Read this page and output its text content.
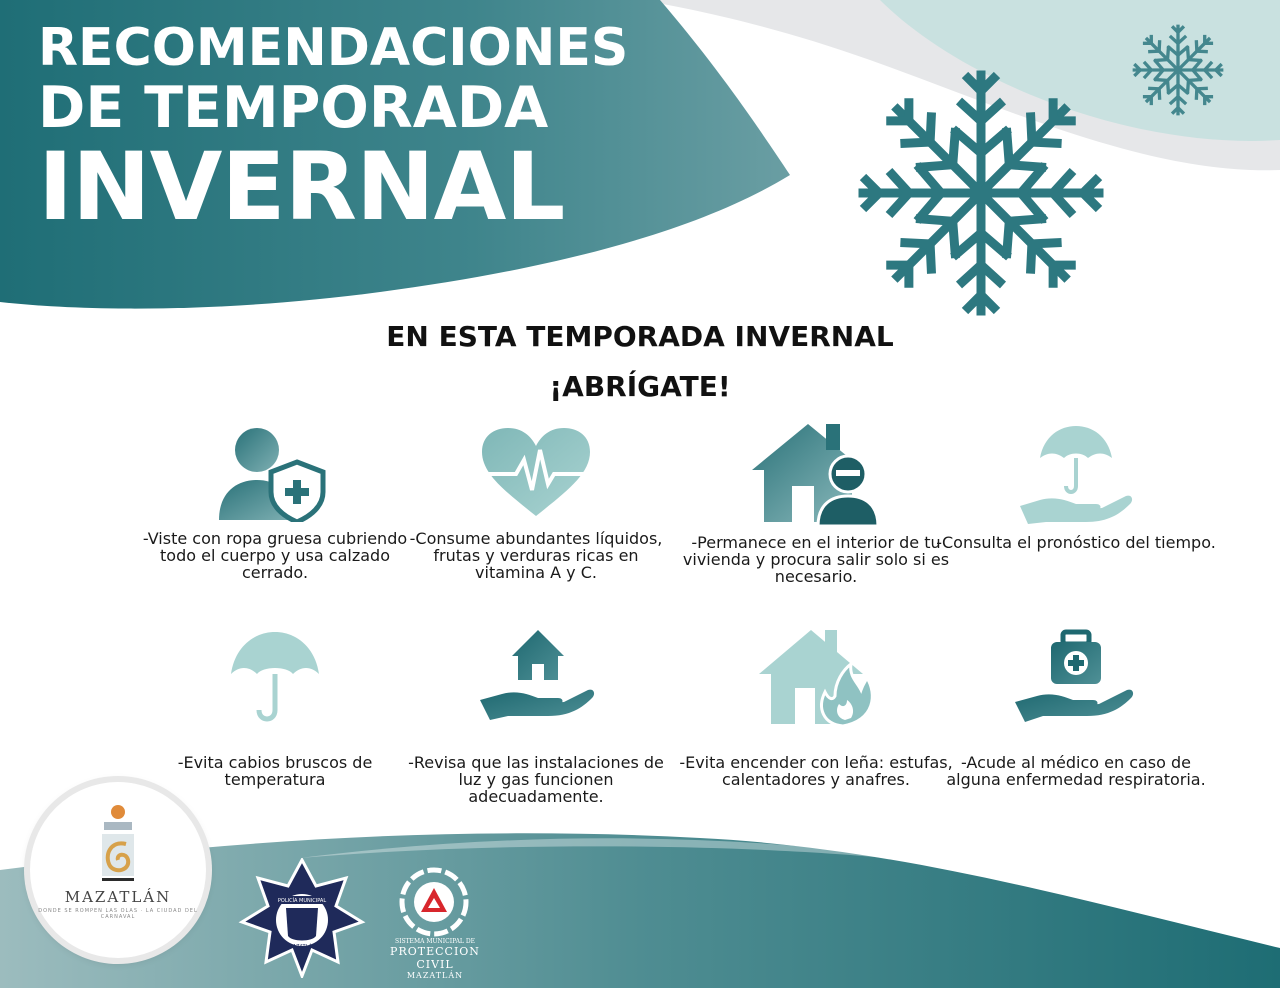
RECOMENDACIONES
DE TEMPORADA
INVERNAL
EN ESTA TEMPORADA INVERNAL
¡ABRÍGATE!
-Viste con ropa gruesa cubriendo todo el cuerpo y usa calzado cerrado.
-Consume abundantes líquidos, frutas y verduras ricas en vitamina A y C.
-Permanece en el interior de tu vivienda y procura salir solo si es necesario.
-Consulta el pronóstico del tiempo.
-Evita cabios bruscos de temperatura
-Revisa que las instalaciones de luz y gas funcionen adecuadamente.
-Evita encender con leña: estufas, calentadores y anafres.
-Acude al médico en caso de alguna enfermedad respiratoria.
MAZATLÁN
DONDE SE ROMPEN LAS OLAS · LA CIUDAD DEL CARNAVAL
POLICÍA MUNICIPAL
MAZATLÁN
SISTEMA MUNICIPAL DE
PROTECCION CIVIL
MAZATLÁN
